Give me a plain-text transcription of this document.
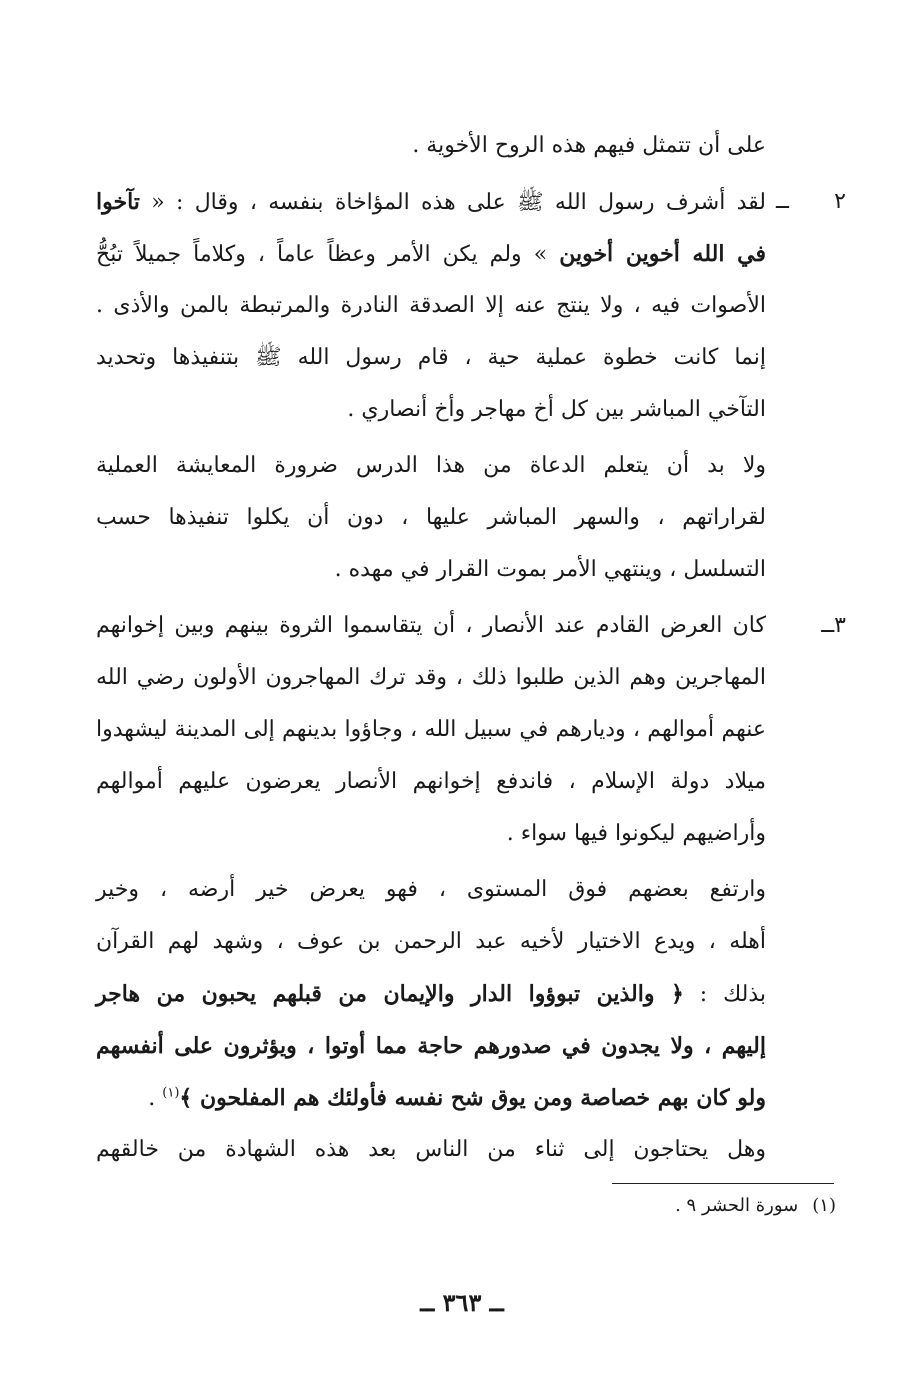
على أن تتمثل فيهم هذه الروح الأخوية .
٢ ــ
لقد أشرف رسول الله ﷺ على هذه المؤاخاة بنفسه ، وقال : « تآخوا
في الله أخوين أخوين » ولم يكن الأمر وعظاً عاماً ، وكلاماً جميلاً تبُحُّ
الأصوات فيه ، ولا ينتج عنه إلا الصدقة النادرة والمرتبطة بالمن والأذى .
إنما كانت خطوة عملية حية ، قام رسول الله ﷺ بتنفيذها وتحديد
التآخي المباشر بين كل أخ مهاجر وأخ أنصاري .
ولا بد أن يتعلم الدعاة من هذا الدرس ضرورة المعايشة العملية
لقراراتهم ، والسهر المباشر عليها ، دون أن يكلوا تنفيذها حسب
التسلسل ، وينتهي الأمر بموت القرار في مهده .
٣ــ
كان العرض القادم عند الأنصار ، أن يتقاسموا الثروة بينهم وبين إخوانهم
المهاجرين وهم الذين طلبوا ذلك ، وقد ترك المهاجرون الأولون رضي الله
عنهم أموالهم ، وديارهم في سبيل الله ، وجاؤوا بدينهم إلى المدينة ليشهدوا
ميلاد دولة الإسلام ، فاندفع إخوانهم الأنصار يعرضون عليهم أموالهم
وأراضيهم ليكونوا فيها سواء .
وارتفع بعضهم فوق المستوى ، فهو يعرض خير أرضه ، وخير
أهله ، ويدع الاختيار لأخيه عبد الرحمن بن عوف ، وشهد لهم القرآن
بذلك : ﴿ والذين تبوؤوا الدار والإيمان من قبلهم يحبون من هاجر
إليهم ، ولا يجدون في صدورهم حاجة مما أوتوا ، ويؤثرون على أنفسهم
ولو كان بهم خصاصة ومن يوق شح نفسه فأولئك هم المفلحون ﴾$^{(١)}$ .
وهل يحتاجون إلى ثناء من الناس بعد هذه الشهادة من خالقهم
(١)سورة الحشر ٩ .
ــ ٣٦٣ ــ
